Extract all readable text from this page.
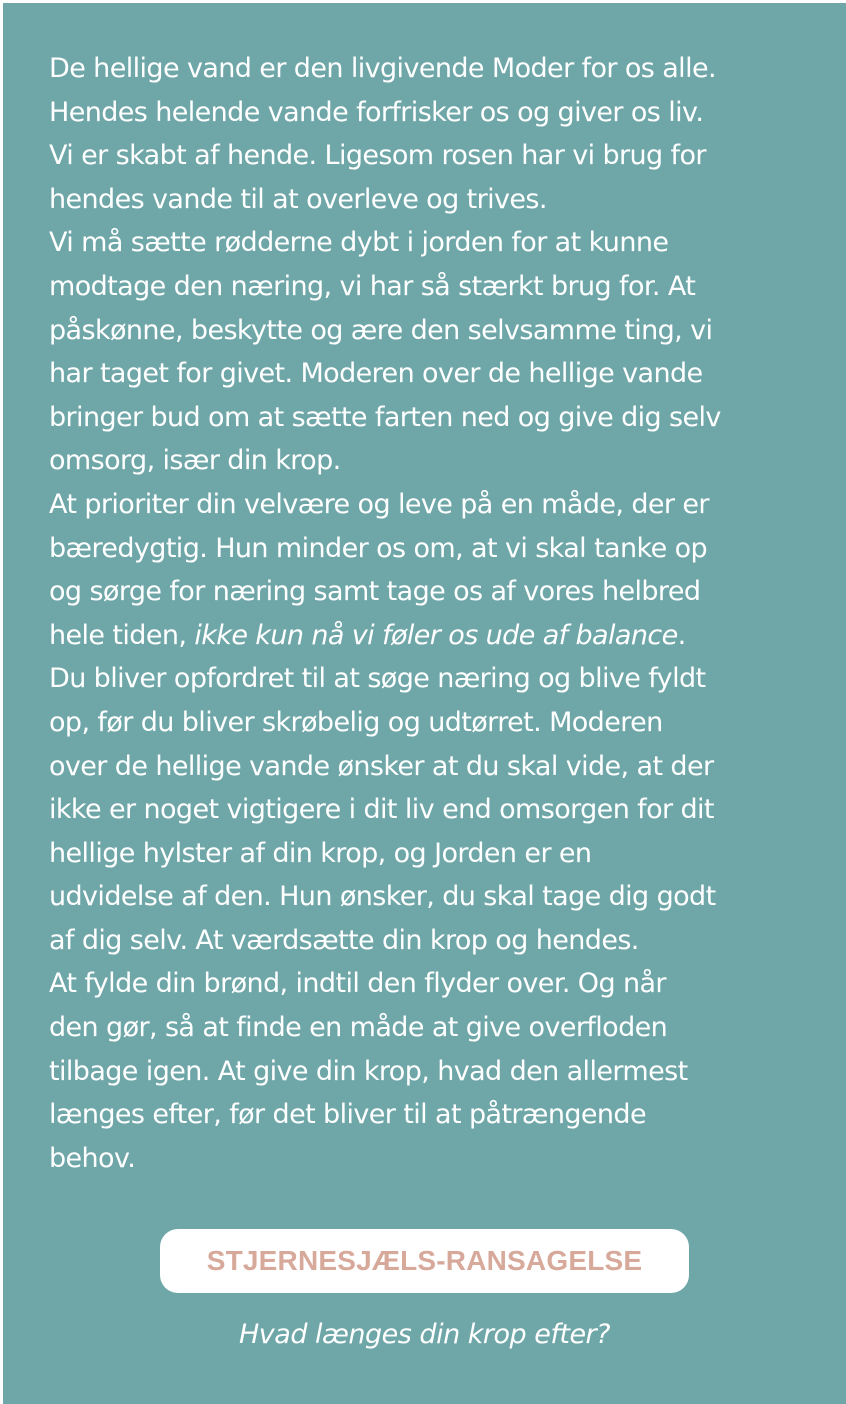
De hellige vand er den livgivende Moder for os alle.
Hendes helende vande forfrisker os og giver os liv.
Vi er skabt af hende. Ligesom rosen har vi brug for
hendes vande til at overleve og trives.
Vi må sætte rødderne dybt i jorden for at kunne
modtage den næring, vi har så stærkt brug for. At
påskønne, beskytte og ære den selvsamme ting, vi
har taget for givet. Moderen over de hellige vande
bringer bud om at sætte farten ned og give dig selv
omsorg, især din krop.
At prioriter din velvære og leve på en måde, der er
bæredygtig. Hun minder os om, at vi skal tanke op
og sørge for næring samt tage os af vores helbred
hele tiden, ikke kun nå vi føler os ude af balance.
Du bliver opfordret til at søge næring og blive fyldt
op, før du bliver skrøbelig og udtørret. Moderen
over de hellige vande ønsker at du skal vide, at der
ikke er noget vigtigere i dit liv end omsorgen for dit
hellige hylster af din krop, og Jorden er en
udvidelse af den. Hun ønsker, du skal tage dig godt
af dig selv. At værdsætte din krop og hendes.
At fylde din brønd, indtil den flyder over. Og når
den gør, så at finde en måde at give overfloden
tilbage igen. At give din krop, hvad den allermest
længes efter, før det bliver til at påtrængende
behov.

STJERNESJÆLS-RANSAGELSE

Hvad længes din krop efter?
